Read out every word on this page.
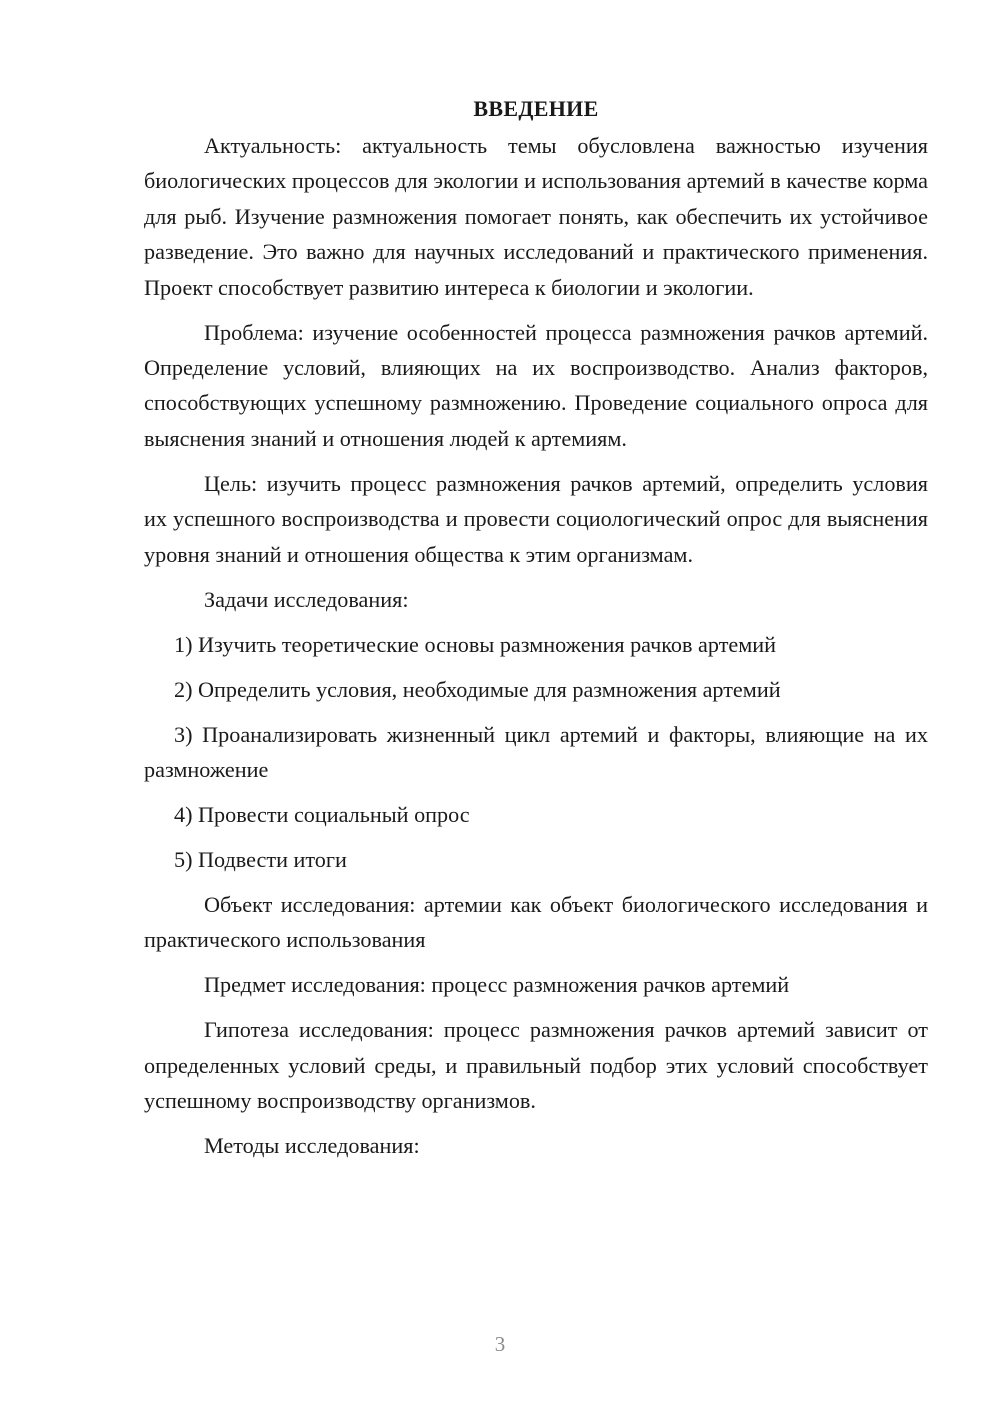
ВВЕДЕНИЕ

Актуальность: актуальность темы обусловлена важностью изучения биологических процессов для экологии и использования артемий в качестве корма для рыб. Изучение размножения помогает понять, как обеспечить их устойчивое разведение. Это важно для научных исследований и практического применения. Проект способствует развитию интереса к биологии и экологии.

Проблема: изучение особенностей процесса размножения рачков артемий. Определение условий, влияющих на их воспроизводство. Анализ факторов, способствующих успешному размножению. Проведение социального опроса для выяснения знаний и отношения людей к артемиям.

Цель: изучить процесс размножения рачков артемий, определить условия их успешного воспроизводства и провести социологический опрос для выяснения уровня знаний и отношения общества к этим организмам.

Задачи исследования:

1) Изучить теоретические основы размножения рачков артемий

2) Определить условия, необходимые для размножения артемий

3) Проанализировать жизненный цикл артемий и факторы, влияющие на их размножение

4) Провести социальный опрос

5) Подвести итоги

Объект исследования: артемии как объект биологического исследования и практического использования

Предмет исследования: процесс размножения рачков артемий

Гипотеза исследования: процесс размножения рачков артемий зависит от определенных условий среды, и правильный подбор этих условий способствует успешному воспроизводству организмов.

Методы исследования:

3
